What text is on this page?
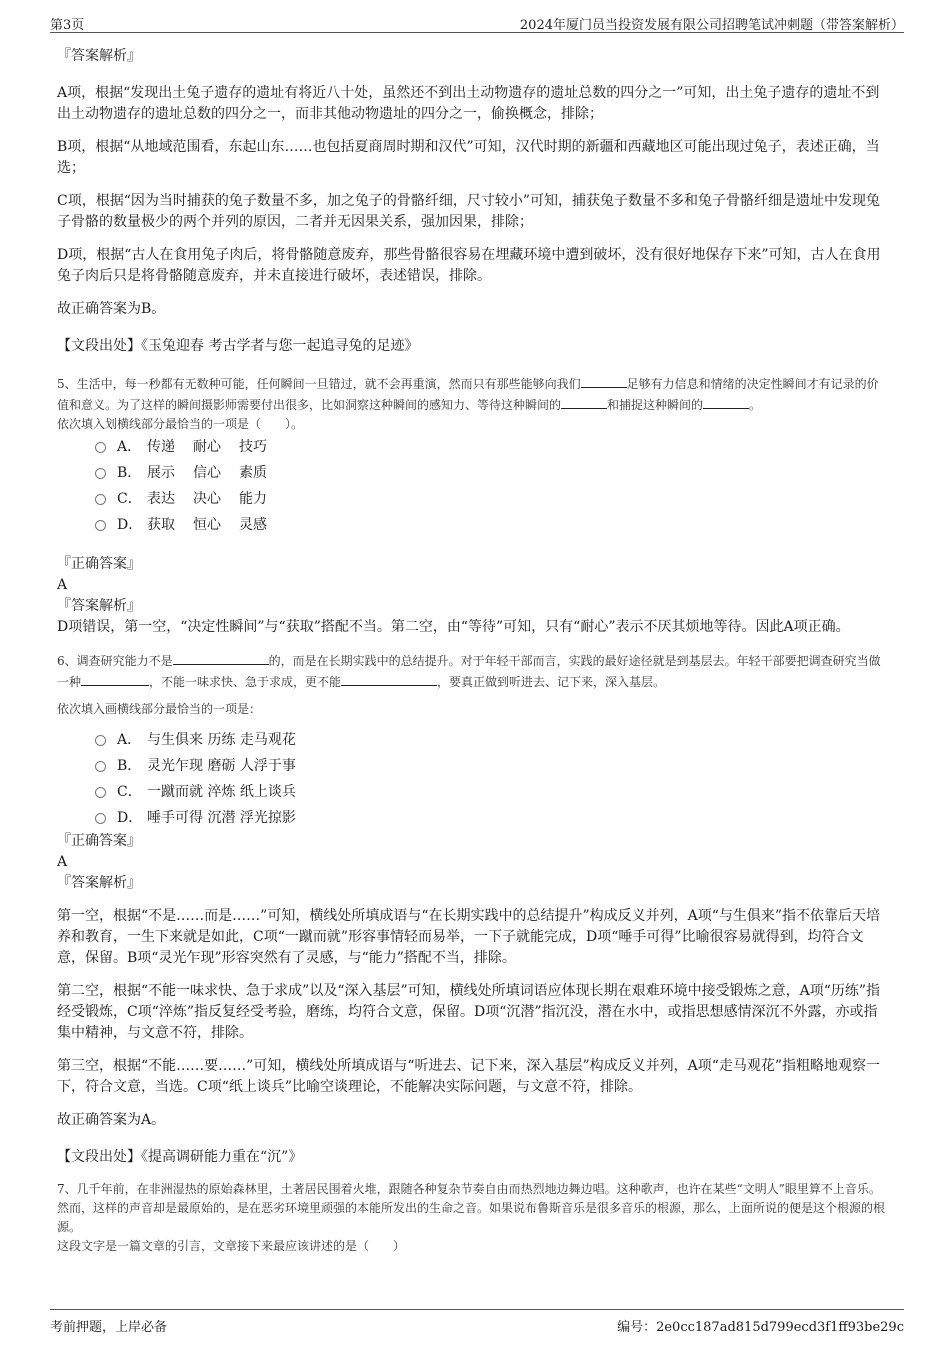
第3页	2024年厦门员当投资发展有限公司招聘笔试冲刺题（带答案解析）

『答案解析』

A项，根据“发现出土兔子遗存的遗址有将近八十处，虽然还不到出土动物遗存的遗址总数的四分之一”可知，出土兔子遗存的遗址不到出土动物遗存的遗址总数的四分之一，而非其他动物遗址的四分之一，偷换概念，排除；

B项，根据“从地域范围看，东起山东……也包括夏商周时期和汉代”可知，汉代时期的新疆和西藏地区可能出现过兔子，表述正确，当选；

C项，根据“因为当时捕获的兔子数量不多，加之兔子的骨骼纤细，尺寸较小”可知，捕获兔子数量不多和兔子骨骼纤细是遗址中发现兔子骨骼的数量极少的两个并列的原因，二者并无因果关系，强加因果，排除；

D项，根据“古人在食用兔子肉后，将骨骼随意废弃，那些骨骼很容易在埋藏环境中遭到破坏，没有很好地保存下来”可知，古人在食用兔子肉后只是将骨骼随意废弃，并未直接进行破坏，表述错误，排除。

故正确答案为B。

【文段出处】《玉兔迎春 考古学者与您一起追寻兔的足迹》

5、生活中，每一秒都有无数种可能，任何瞬间一旦错过，就不会再重演，然而只有那些能够向我们	足够有力信息和情绪的决定性瞬间才有记录的价值和意义。为了这样的瞬间摄影师需要付出很多，比如洞察这种瞬间的感知力、等待这种瞬间的	和捕捉这种瞬间的	。

依次填入划横线部分最恰当的一项是（　　）。

A． 传递 耐心 技巧
B． 展示 信心 素质
C． 表达 决心 能力
D． 获取 恒心 灵感

『正确答案』

A

『答案解析』

D项错误，第一空，“决定性瞬间”与“获取”搭配不当。第二空，由“等待”可知，只有“耐心”表示不厌其烦地等待。因此A项正确。

6、调查研究能力不是	的，而是在长期实践中的总结提升。对于年轻干部而言，实践的最好途径就是到基层去。年轻干部要把调查研究当做一种	，不能一味求快、急于求成，更不能	，要真正做到听进去、记下来，深入基层。

依次填入画横线部分最恰当的一项是：

A． 与生俱来 历练 走马观花
B． 灵光乍现 磨砺 人浮于事
C． 一蹴而就 淬炼 纸上谈兵
D． 唾手可得 沉潜 浮光掠影

『正确答案』

A

『答案解析』

第一空，根据“不是……而是……”可知，横线处所填成语与“在长期实践中的总结提升”构成反义并列，A项“与生俱来”指不依靠后天培养和教育，一生下来就是如此，C项“一蹴而就”形容事情轻而易举，一下子就能完成，D项“唾手可得”比喻很容易就得到，均符合文意，保留。B项“灵光乍现”形容突然有了灵感，与“能力”搭配不当，排除。

第二空，根据“不能一味求快、急于求成”以及“深入基层”可知，横线处所填词语应体现长期在艰难环境中接受锻炼之意，A项“历练”指经受锻炼，C项“淬炼”指反复经受考验，磨练，均符合文意，保留。D项“沉潜”指沉没，潜在水中，或指思想感情深沉不外露，亦或指集中精神，与文意不符，排除。

第三空，根据“不能……要……”可知，横线处所填成语与“听进去、记下来，深入基层”构成反义并列，A项“走马观花”指粗略地观察一下，符合文意，当选。C项“纸上谈兵”比喻空谈理论，不能解决实际问题，与文意不符，排除。

故正确答案为A。

【文段出处】《提高调研能力重在“沉”》

7、几千年前，在非洲湿热的原始森林里，土著居民围着火堆，跟随各种复杂节奏自由而热烈地边舞边唱。这种歌声，也许在某些“文明人”眼里算不上音乐。然而，这样的声音却是最原始的，是在恶劣环境里顽强的本能所发出的生命之音。如果说布鲁斯音乐是很多音乐的根源，那么，上面所说的便是这个根源的根源。

这段文字是一篇文章的引言，文章接下来最应该讲述的是（　　）

考前押题，上岸必备	编号：2e0cc187ad815d799ecd3f1ff93be29c
